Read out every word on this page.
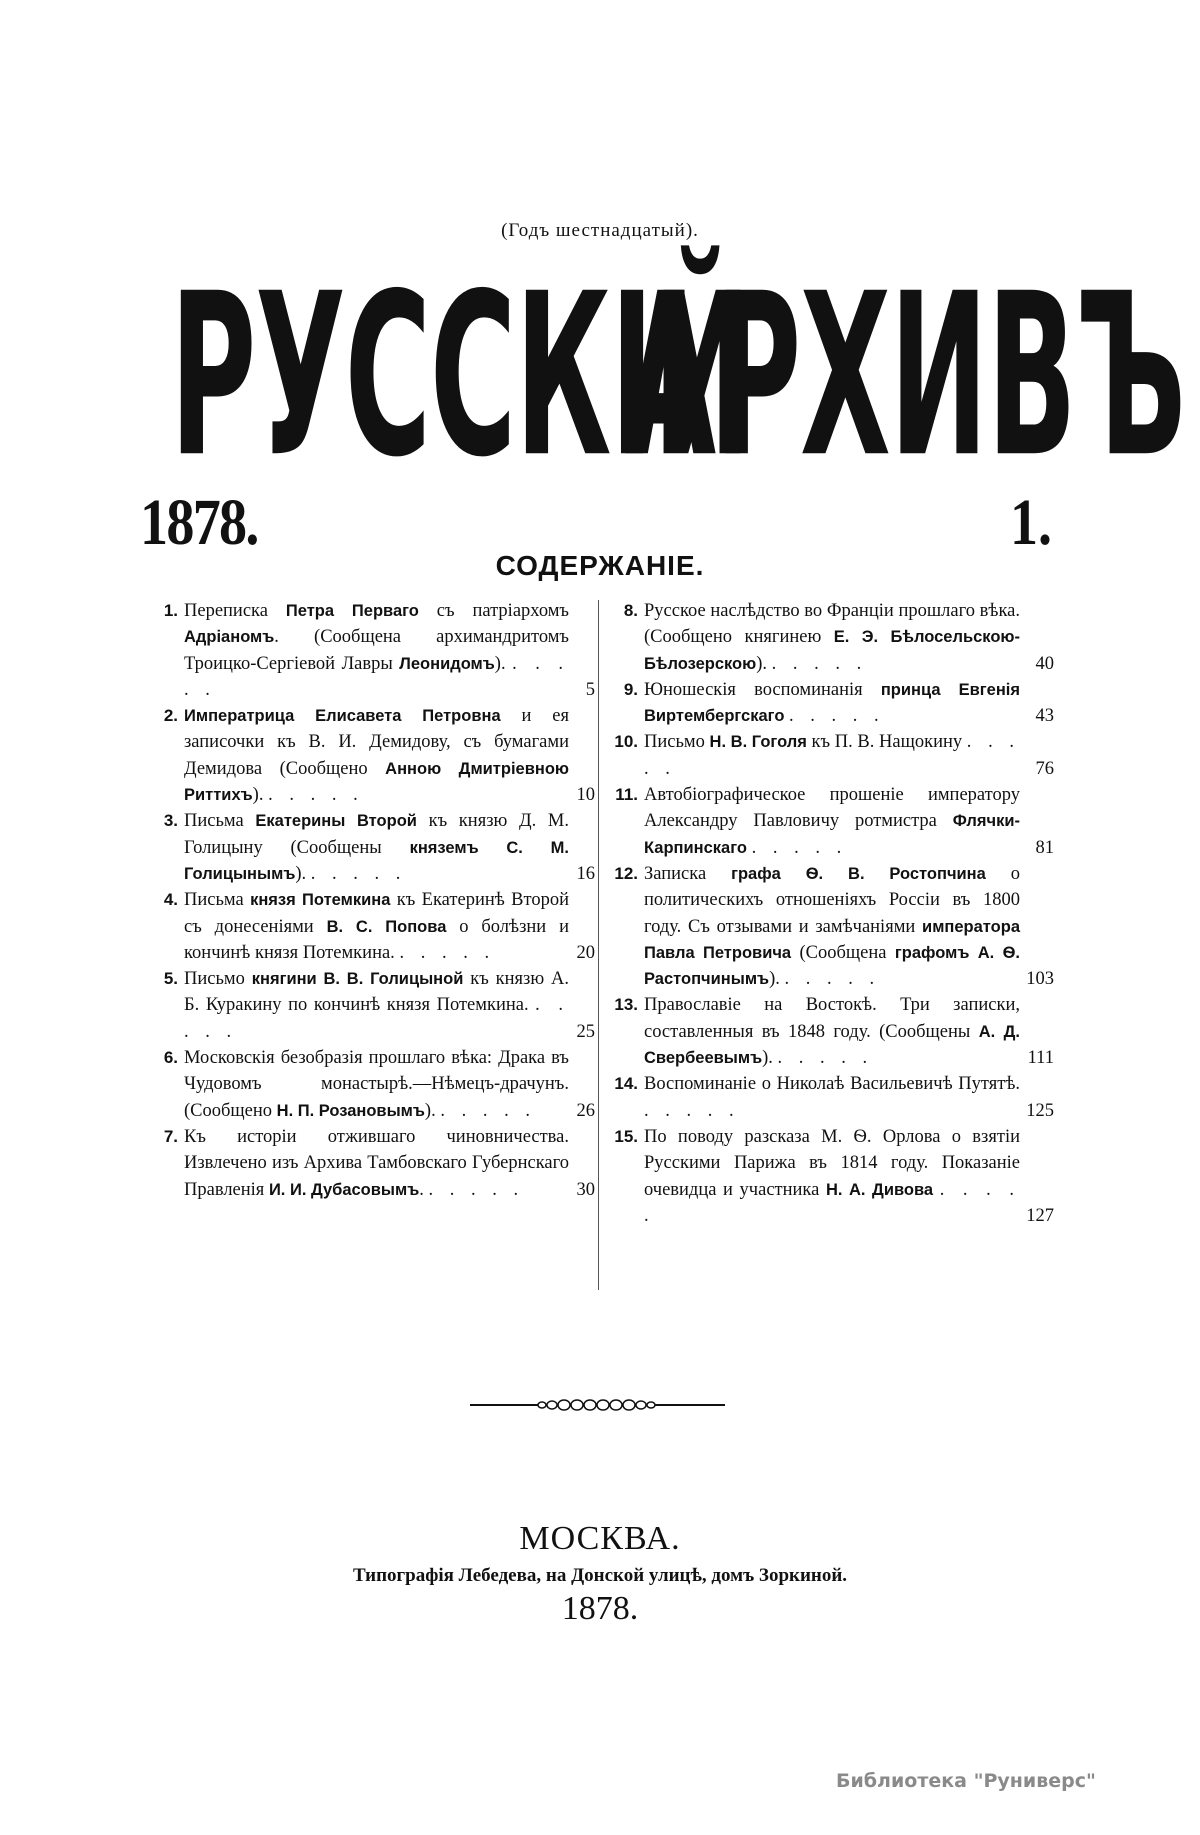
(Годъ шестнадцатый).
РУССКІЙ
АРХИВЪ
1878.	1.
СОДЕРЖАНІЕ.
1. Переписка Петра Перваго съ патріархомъ Адріаномъ. (Сообщена архимандритомъ Троицко-Сергіевой Лавры Леонидомъ). . . . . .	5
2. Императрица Елисавета Петровна и ея записочки къ В. И. Демидову, съ бумагами Демидова (Сообщено Анною Дмитріевною Риттихъ). . . . . .	10
3. Письма Екатерины Второй къ князю Д. М. Голицыну (Сообщены княземъ С. М. Голицынымъ). . . . . .	16
4. Письма князя Потемкина къ Екатеринѣ Второй съ донесеніями В. С. Попова о болѣзни и кончинѣ князя Потемкина. . . . . .	20
5. Письмо княгини В. В. Голицыной къ князю А. Б. Куракину по кончинѣ князя Потемкина. . . . . .	25
6. Московскія безобразія прошлаго вѣка: Драка въ Чудовомъ монастырѣ.—Нѣмецъ-драчунъ. (Сообщено Н. П. Розановымъ). . . . . .	26
7. Къ исторіи отжившаго чиновничества. Извлечено изъ Архива Тамбовскаго Губернскаго Правленія И. И. Дубасовымъ. . . . . .	30
8. Русское наслѣдство во Франціи прошлаго вѣка. (Сообщено княгинею Е. Э. Бѣлосельскою-Бѣлозерскою). . . . . .	40
9. Юношескія воспоминанія принца Евгенія Виртембергскаго . . . . .	43
10. Письмо Н. В. Гоголя къ П. В. Нащокину . . . . .	76
11. Автобіографическое прошеніе императору Александру Павловичу ротмистра Флячки-Карпинскаго . . . . .	81
12. Записка графа Ѳ. В. Ростопчина о политическихъ отношеніяхъ Россіи въ 1800 году. Съ отзывами и замѣчаніями императора Павла Петровича (Сообщена графомъ А. Ѳ. Растопчинымъ). . . . . .	103
13. Православіе на Востокѣ. Три записки, составленныя въ 1848 году. (Сообщены А. Д. Свербеевымъ). . . . . .	111
14. Воспоминаніе о Николаѣ Васильевичѣ Путятѣ. . . . . .	125
15. По поводу разсказа М. Ѳ. Орлова о взятіи Русскими Парижа въ 1814 году. Показаніе очевидца и участника Н. А. Дивова . . . . .	127
МОСКВА.
Типографія Лебедева, на Донской улицѣ, домъ Зоркиной.
1878.
Библиотека "Руниверс"
